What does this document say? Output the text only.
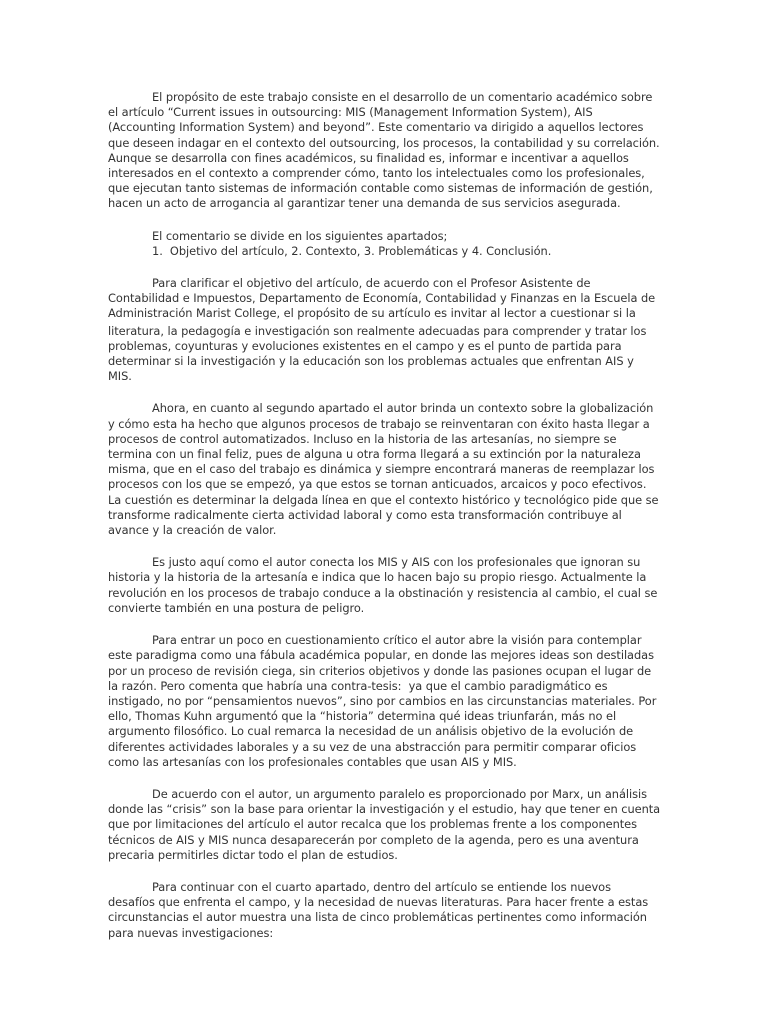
El propósito de este trabajo consiste en el desarrollo de un comentario académico sobre
el artículo “Current issues in outsourcing: MIS (Management Information System), AIS
(Accounting Information System) and beyond”. Este comentario va dirigido a aquellos lectores
que deseen indagar en el contexto del outsourcing, los procesos, la contabilidad y su correlación.
Aunque se desarrolla con fines académicos, su finalidad es, informar e incentivar a aquellos
interesados en el contexto a comprender cómo, tanto los intelectuales como los profesionales,
que ejecutan tanto sistemas de información contable como sistemas de información de gestión,
hacen un acto de arrogancia al garantizar tener una demanda de sus servicios asegurada.
El comentario se divide en los siguientes apartados;
1.  Objetivo del artículo, 2. Contexto, 3. Problemáticas y 4. Conclusión.
Para clarificar el objetivo del artículo, de acuerdo con el Profesor Asistente de
Contabilidad e Impuestos, Departamento de Economía, Contabilidad y Finanzas en la Escuela de
Administración Marist College, el propósito de su artículo es invitar al lector a cuestionar si la
literatura, la pedagogía e investigación son realmente adecuadas para comprender y tratar los
problemas, coyunturas y evoluciones existentes en el campo y es el punto de partida para
determinar si la investigación y la educación son los problemas actuales que enfrentan AIS y
MIS.
Ahora, en cuanto al segundo apartado el autor brinda un contexto sobre la globalización
y cómo esta ha hecho que algunos procesos de trabajo se reinventaran con éxito hasta llegar a
procesos de control automatizados. Incluso en la historia de las artesanías, no siempre se
termina con un final feliz, pues de alguna u otra forma llegará a su extinción por la naturaleza
misma, que en el caso del trabajo es dinámica y siempre encontrará maneras de reemplazar los
procesos con los que se empezó, ya que estos se tornan anticuados, arcaicos y poco efectivos.
La cuestión es determinar la delgada línea en que el contexto histórico y tecnológico pide que se
transforme radicalmente cierta actividad laboral y como esta transformación contribuye al
avance y la creación de valor.
Es justo aquí como el autor conecta los MIS y AIS con los profesionales que ignoran su
historia y la historia de la artesanía e indica que lo hacen bajo su propio riesgo. Actualmente la
revolución en los procesos de trabajo conduce a la obstinación y resistencia al cambio, el cual se
convierte también en una postura de peligro.
Para entrar un poco en cuestionamiento crítico el autor abre la visión para contemplar
este paradigma como una fábula académica popular, en donde las mejores ideas son destiladas
por un proceso de revisión ciega, sin criterios objetivos y donde las pasiones ocupan el lugar de
la razón. Pero comenta que habría una contra-tesis:  ya que el cambio paradigmático es
instigado, no por “pensamientos nuevos”, sino por cambios en las circunstancias materiales. Por
ello, Thomas Kuhn argumentó que la “historia” determina qué ideas triunfarán, más no el
argumento filosófico. Lo cual remarca la necesidad de un análisis objetivo de la evolución de
diferentes actividades laborales y a su vez de una abstracción para permitir comparar oficios
como las artesanías con los profesionales contables que usan AIS y MIS.
De acuerdo con el autor, un argumento paralelo es proporcionado por Marx, un análisis
donde las “crisis” son la base para orientar la investigación y el estudio, hay que tener en cuenta
que por limitaciones del artículo el autor recalca que los problemas frente a los componentes
técnicos de AIS y MIS nunca desaparecerán por completo de la agenda, pero es una aventura
precaria permitirles dictar todo el plan de estudios.
Para continuar con el cuarto apartado, dentro del artículo se entiende los nuevos
desafíos que enfrenta el campo, y la necesidad de nuevas literaturas. Para hacer frente a estas
circunstancias el autor muestra una lista de cinco problemáticas pertinentes como información
para nuevas investigaciones:
